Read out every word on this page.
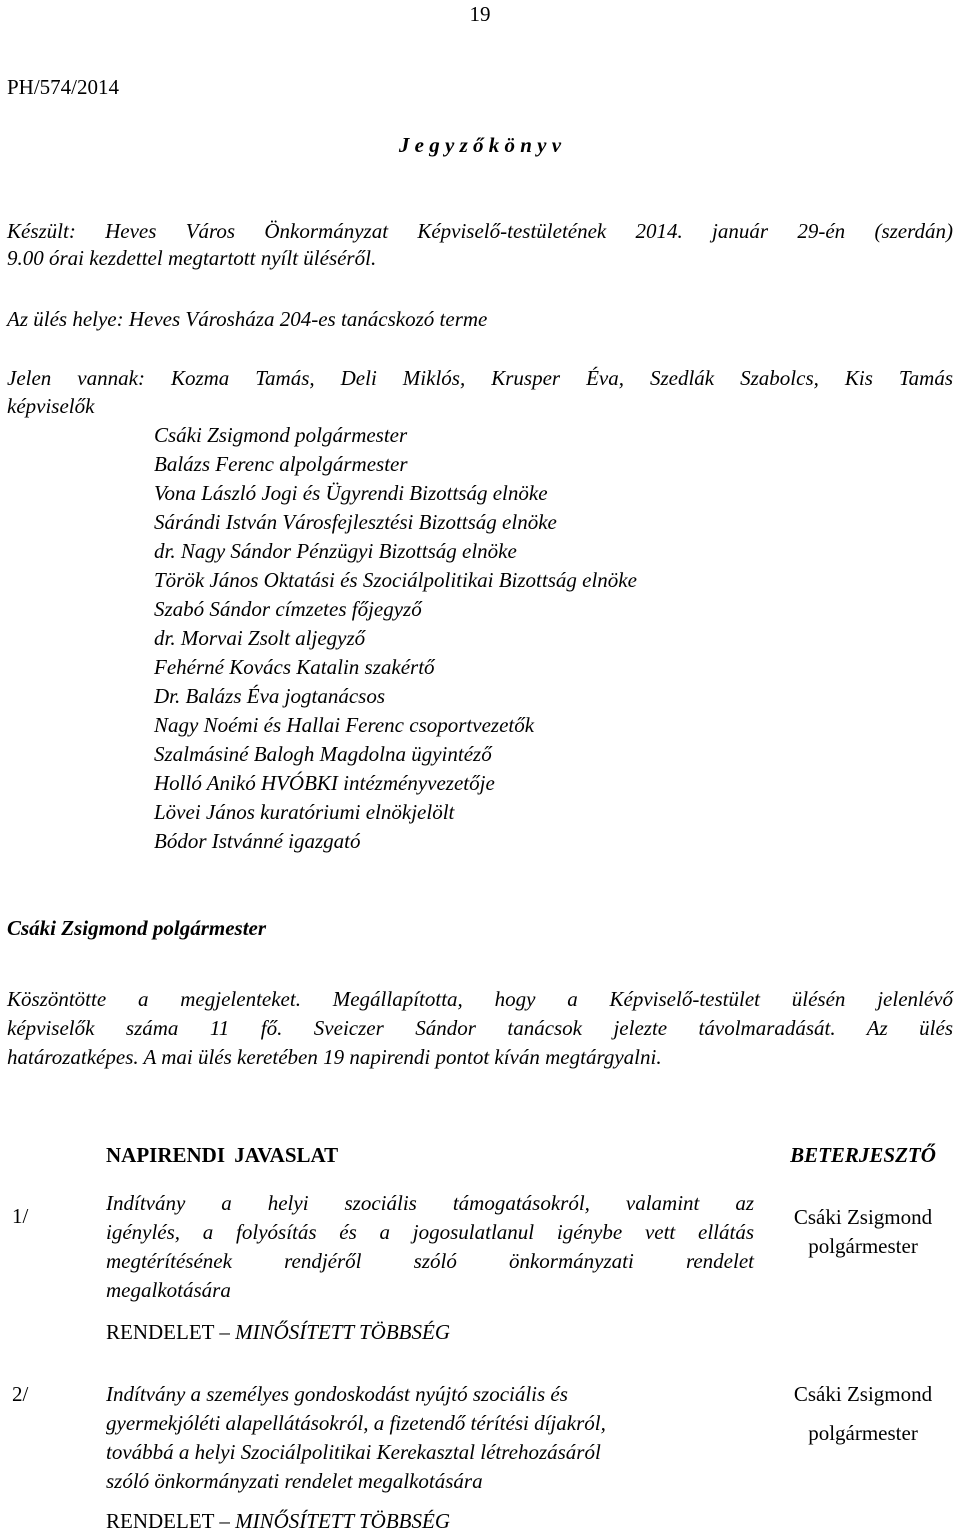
19
PH/574/2014
J e g y z ő k ö n y v
Készült: Heves Város Önkormányzat Képviselő-testületének 2014. január 29-én (szerdán)
9.00 órai kezdettel megtartott nyílt üléséről.
Az ülés helye: Heves Városháza 204-es tanácskozó terme
Jelen vannak: Kozma Tamás, Deli Miklós, Krusper Éva, Szedlák Szabolcs, Kis Tamás
képviselők
Csáki Zsigmond polgármester
Balázs Ferenc alpolgármester
Vona László Jogi és Ügyrendi Bizottság elnöke
Sárándi István Városfejlesztési Bizottság elnöke
dr. Nagy Sándor Pénzügyi Bizottság elnöke
Török János Oktatási és Szociálpolitikai Bizottság elnöke
Szabó Sándor címzetes főjegyző
dr. Morvai Zsolt aljegyző
Fehérné Kovács Katalin szakértő
Dr. Balázs Éva jogtanácsos
Nagy Noémi és Hallai Ferenc csoportvezetők
Szalmásiné Balogh Magdolna ügyintéző
Holló Anikó HVÓBKI intézményvezetője
Lövei János kuratóriumi elnökjelölt
Bódor Istvánné igazgató
Csáki Zsigmond polgármester
Köszöntötte a megjelenteket. Megállapította, hogy a Képviselő-testület ülésén jelenlévő
képviselők száma 11 fő. Sveiczer Sándor tanácsok jelezte távolmaradását. Az ülés
határozatképes. A mai ülés keretében 19 napirendi pontot kíván megtárgyalni.
NAPIRENDI JAVASLAT	BETERJESZTŐ
1/
Indítvány a helyi szociális támogatásokról, valamint az
igénylés, a folyósítás és a jogosulatlanul igénybe vett ellátás
megtérítésének rendjéről szóló önkormányzati rendelet
megalkotására
RENDELET – MINŐSÍTETT TÖBBSÉG
Csáki Zsigmond
polgármester
2/	Indítvány a személyes gondoskodást nyújtó szociális és
gyermekjóléti alapellátásokról, a fizetendő térítési díjakról,
továbbá a helyi Szociálpolitikai Kerekasztal létrehozásáról
szóló önkormányzati rendelet megalkotására
RENDELET – MINŐSÍTETT TÖBBSÉG
Csáki Zsigmond
polgármester
